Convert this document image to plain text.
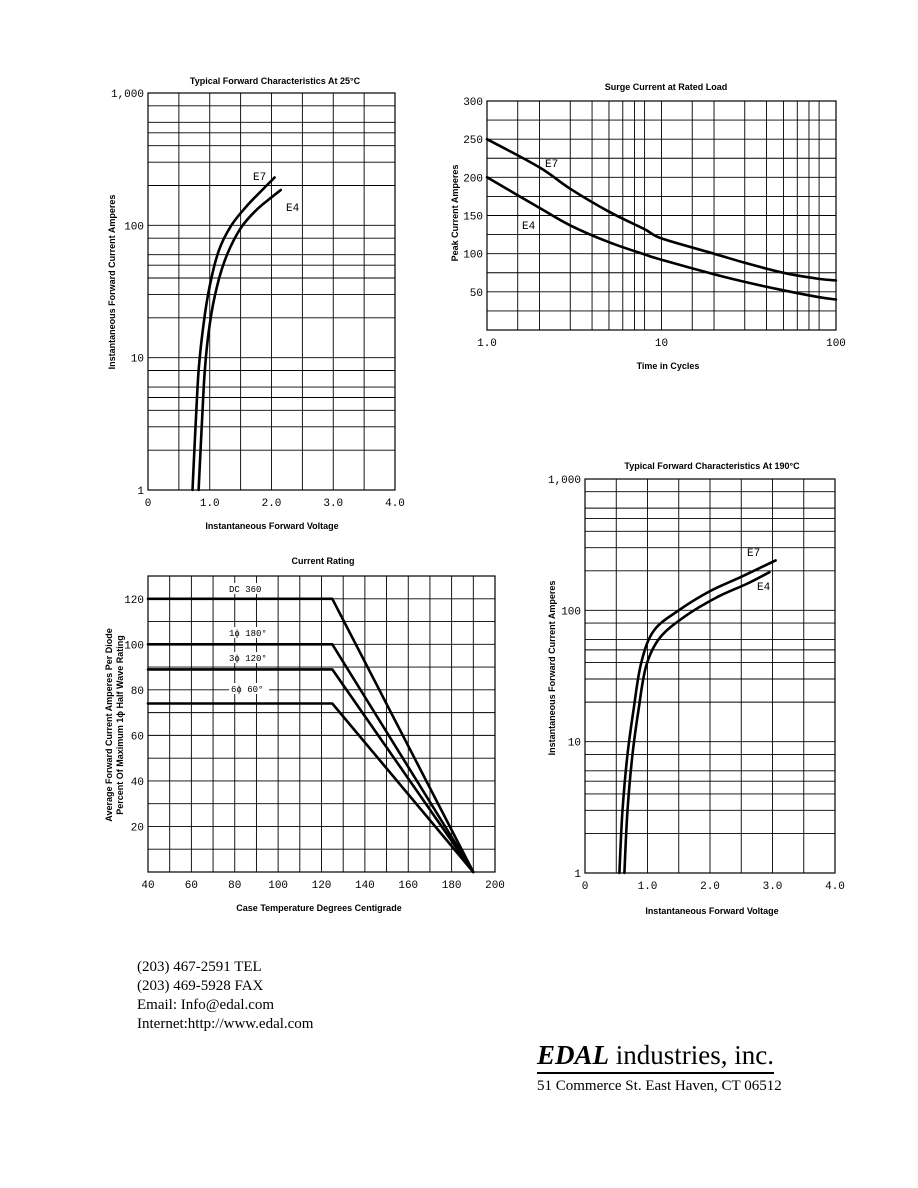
Typical Forward Characteristics At 25°C
0	1.0	2.0	3.0	4.0
1
10
100
1,000
Instantaneous Forward Voltage
Instantaneous Forward Current Amperes
E7
E4
Surge Current at Rated Load
1.0	10	100
50
100
150
200
250
300
Time in Cycles
Peak Current Amperes	E7
E4
Current Rating
40	60	80 100 120 140 160 180 200
20
40
60
80
100
120
Case Temperature Degrees Centigrade
Average Forward Current Amperes Per Diode Percent Of Maximum 1ϕ Half Wave Rating
DC 360
1ϕ 180°
3ϕ 120°
6ϕ 60°
Typical Forward Characteristics At 190°C
0	1.0	2.0	3.0	4.0
1
10
100
1,000
Instantaneous Forward Voltage
Instantaneous Forward Current Amperes
E7
E4
(203) 467-2591 TEL
(203) 469-5928 FAX
Email: Info@edal.com
Internet:http://www.edal.com
EDAL industries, inc.
51 Commerce St. East Haven, CT 06512
